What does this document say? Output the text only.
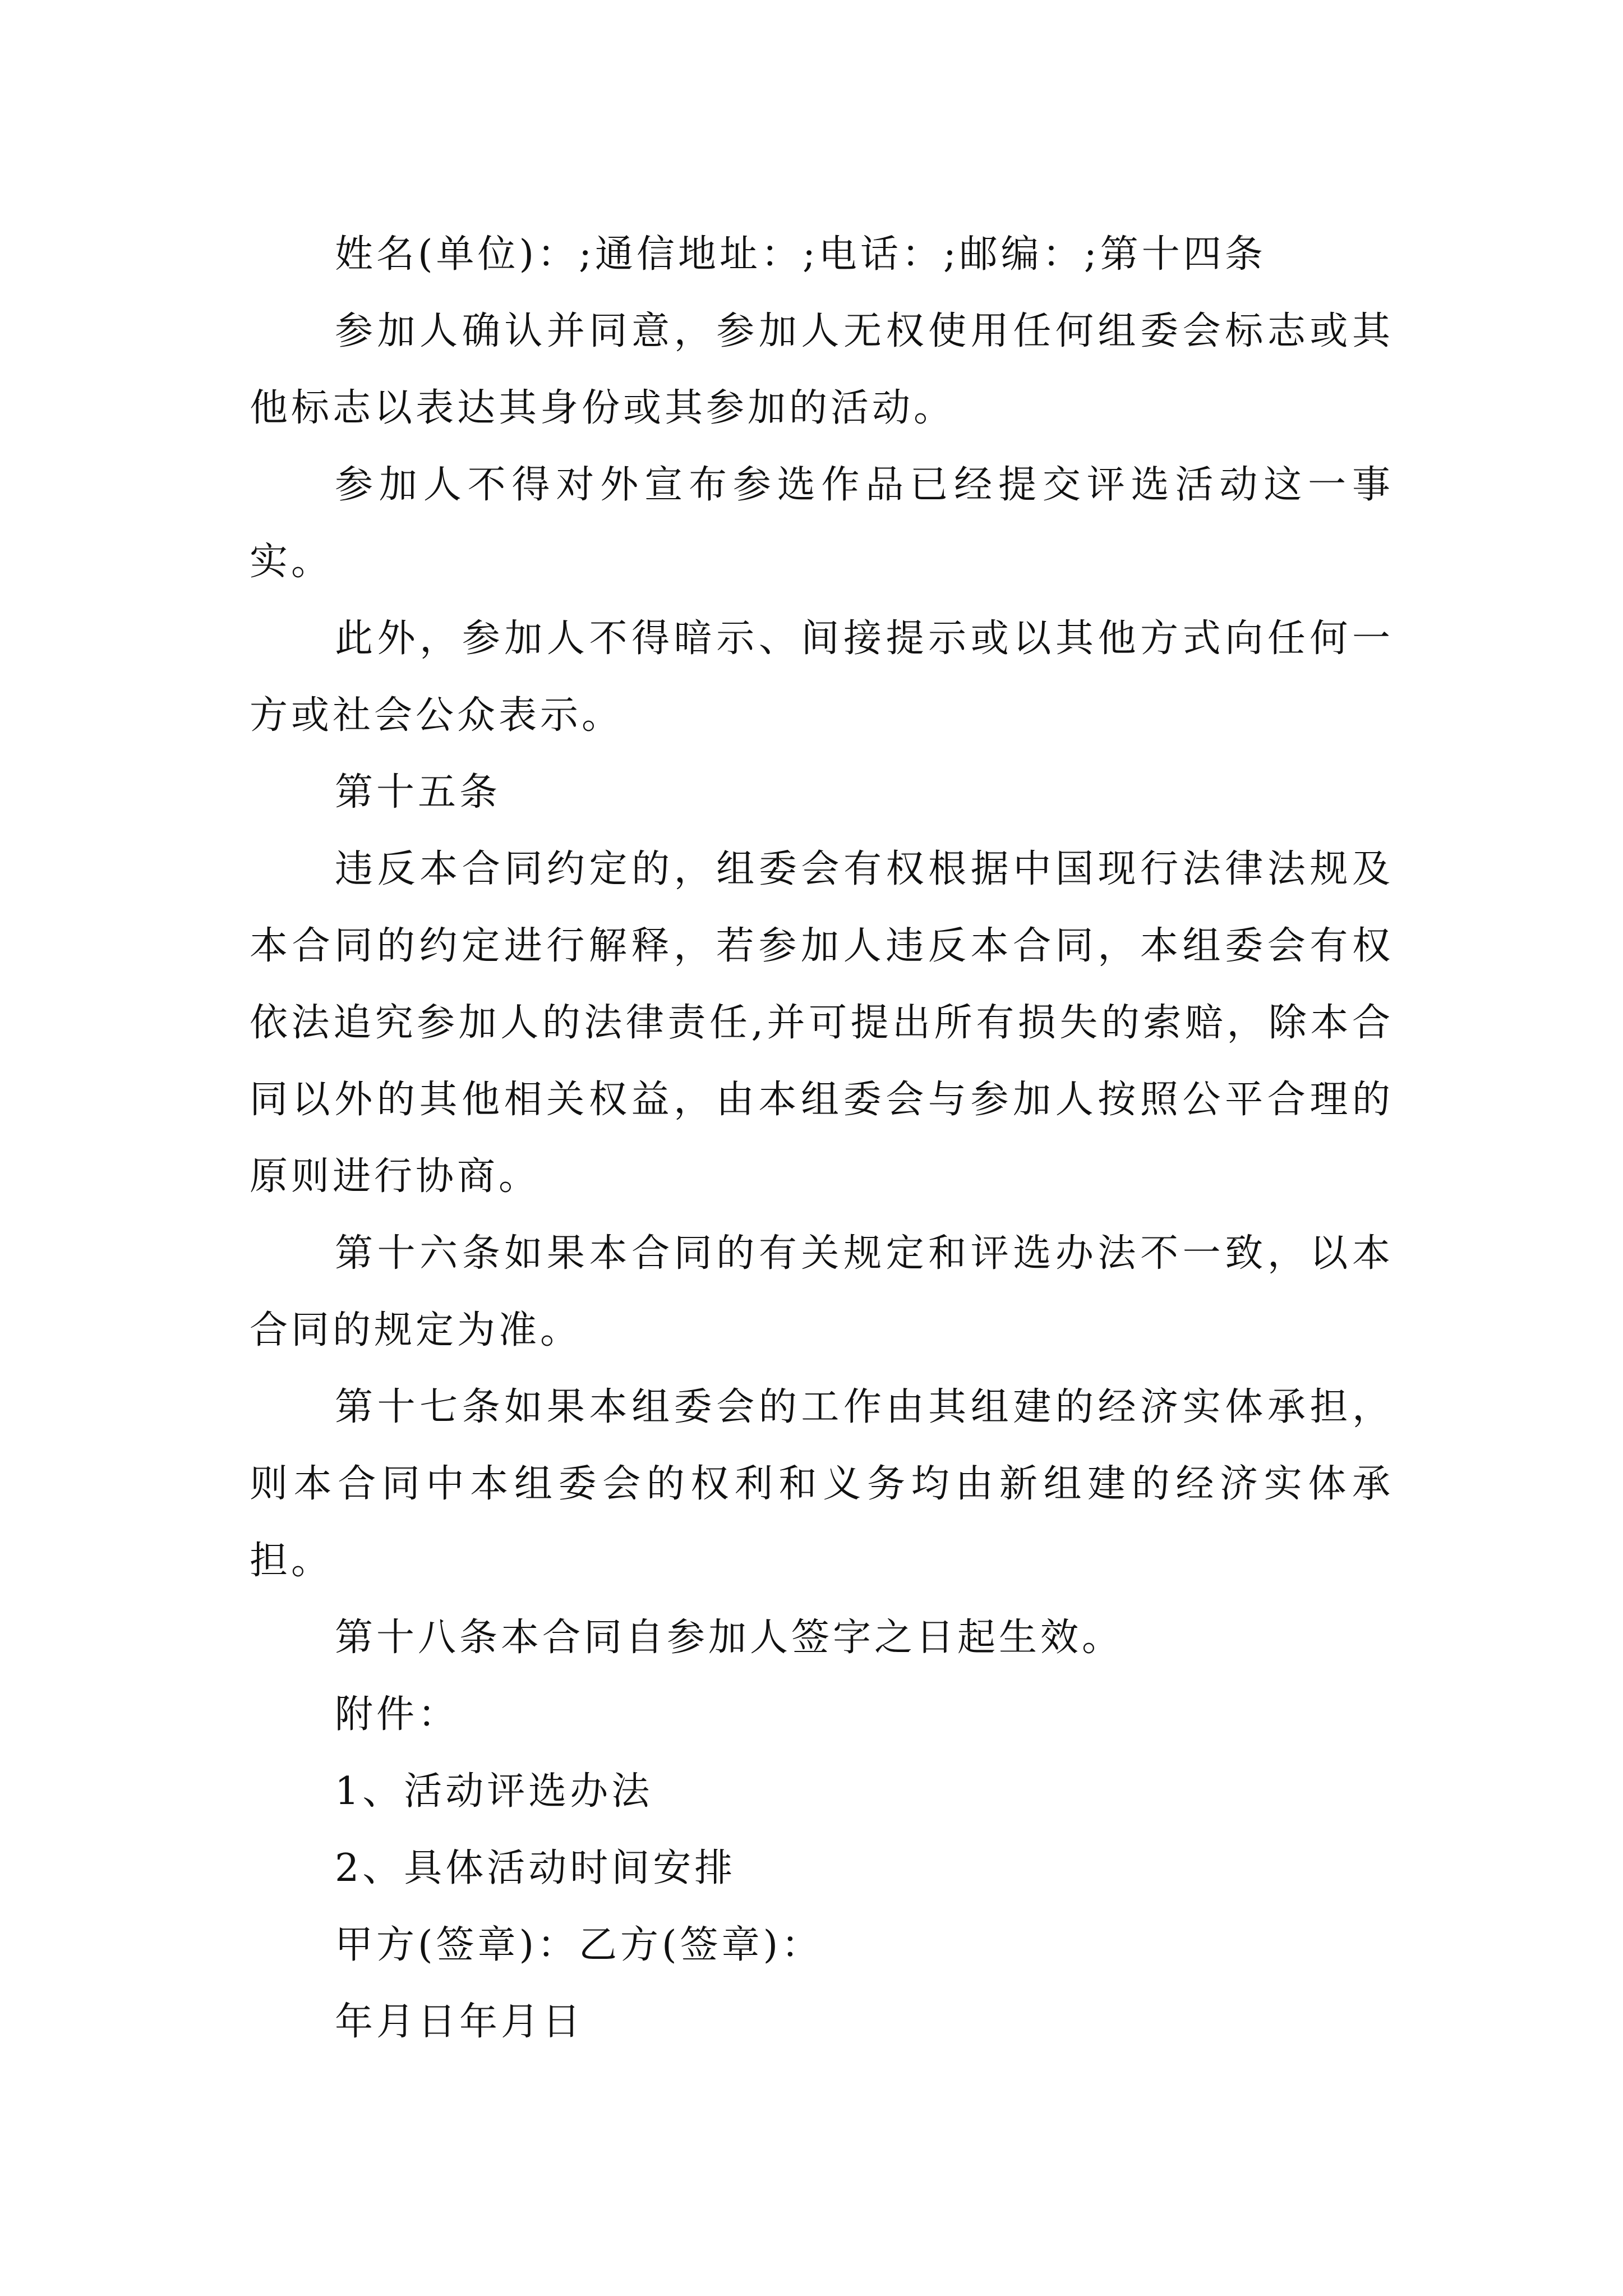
姓名(单位)：;通信地址：;电话：;邮编：;第十四条

参加人确认并同意，参加人无权使用任何组委会标志或其他标志以表达其身份或其参加的活动。

参加人不得对外宣布参选作品已经提交评选活动这一事实。

此外，参加人不得暗示、间接提示或以其他方式向任何一方或社会公众表示。

第十五条

违反本合同约定的，组委会有权根据中国现行法律法规及本合同的约定进行解释，若参加人违反本合同，本组委会有权依法追究参加人的法律责任,并可提出所有损失的索赔，除本合同以外的其他相关权益，由本组委会与参加人按照公平合理的原则进行协商。

第十六条如果本合同的有关规定和评选办法不一致，以本合同的规定为准。

第十七条如果本组委会的工作由其组建的经济实体承担，则本合同中本组委会的权利和义务均由新组建的经济实体承担。

第十八条本合同自参加人签字之日起生效。

附件：

1、活动评选办法

2、具体活动时间安排

甲方(签章)：乙方(签章)：

年月日年月日
